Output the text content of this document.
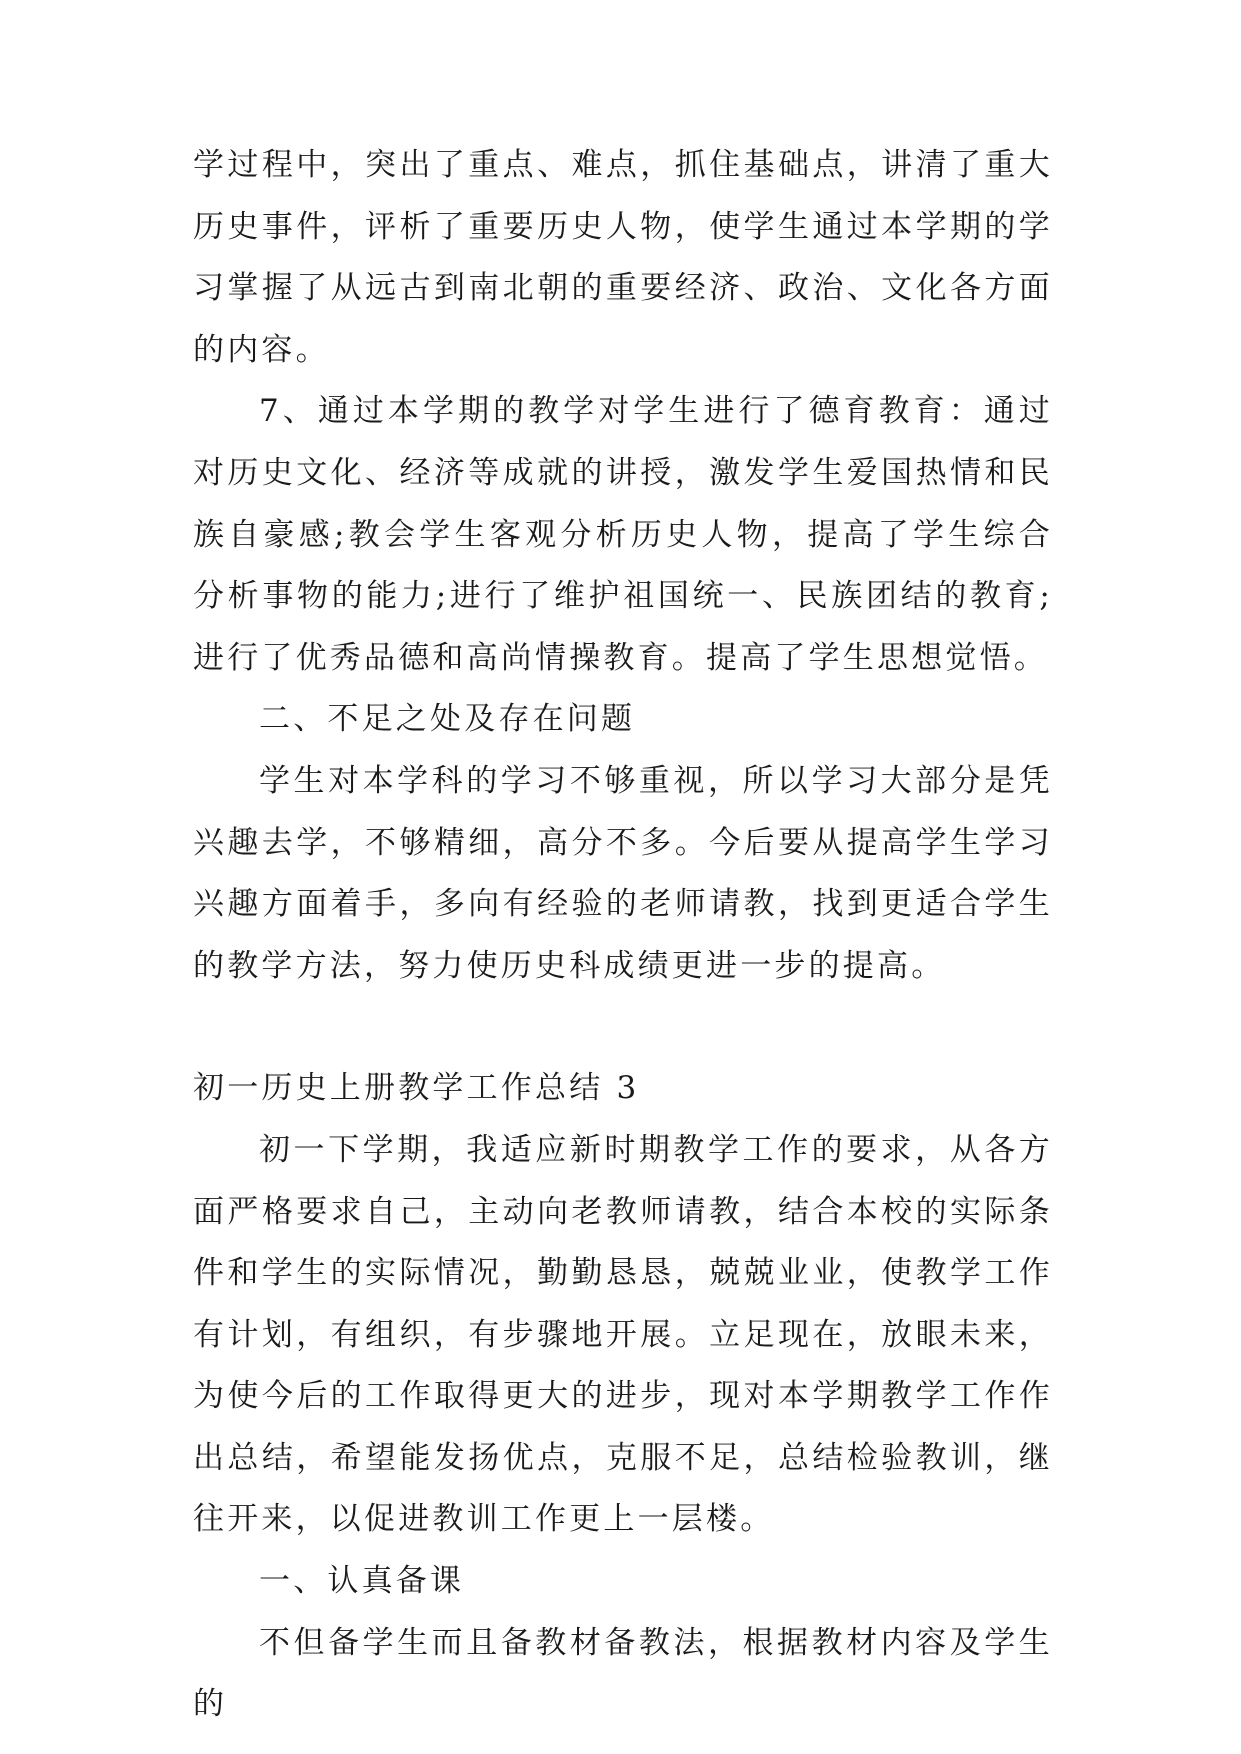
学过程中，突出了重点、难点，抓住基础点，讲清了重大历史事件，评析了重要历史人物，使学生通过本学期的学习掌握了从远古到南北朝的重要经济、政治、文化各方面的内容。

7、通过本学期的教学对学生进行了德育教育：通过对历史文化、经济等成就的讲授，激发学生爱国热情和民族自豪感;教会学生客观分析历史人物，提高了学生综合分析事物的能力;进行了维护祖国统一、民族团结的教育;进行了优秀品德和高尚情操教育。提高了学生思想觉悟。

二、不足之处及存在问题

学生对本学科的学习不够重视，所以学习大部分是凭兴趣去学，不够精细，高分不多。今后要从提高学生学习兴趣方面着手，多向有经验的老师请教，找到更适合学生的教学方法，努力使历史科成绩更进一步的提高。

初一历史上册教学工作总结 3

初一下学期，我适应新时期教学工作的要求，从各方面严格要求自己，主动向老教师请教，结合本校的实际条件和学生的实际情况，勤勤恳恳，兢兢业业，使教学工作有计划，有组织，有步骤地开展。立足现在，放眼未来，为使今后的工作取得更大的进步，现对本学期教学工作作出总结，希望能发扬优点，克服不足，总结检验教训，继往开来，以促进教训工作更上一层楼。

一、认真备课

不但备学生而且备教材备教法，根据教材内容及学生的
